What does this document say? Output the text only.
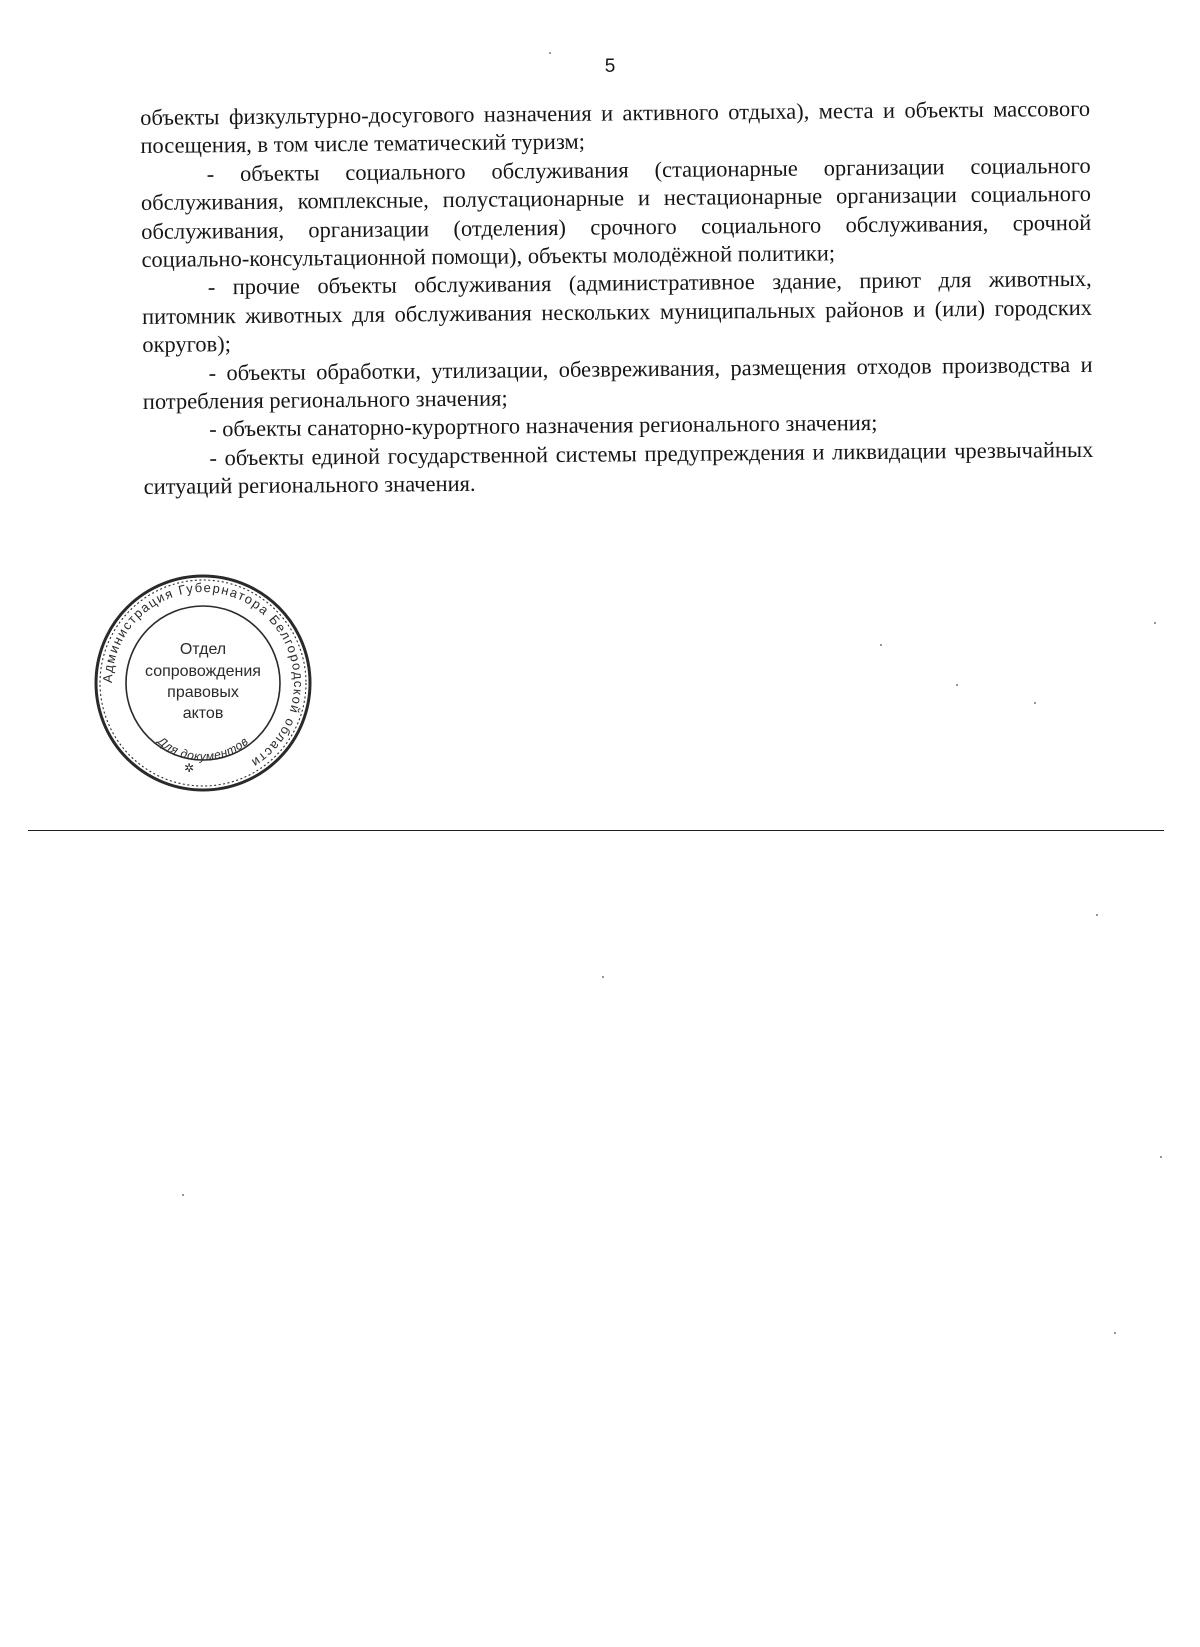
5

объекты физкультурно-досугового назначения и активного отдыха), места и объекты массового посещения, в том числе тематический туризм;

- объекты социального обслуживания (стационарные организации социального обслуживания, комплексные, полустационарные и нестационарные организации социального обслуживания, организации (отделения) срочного социального обслуживания, срочной социально-консультационной помощи), объекты молодёжной политики;

- прочие объекты обслуживания (административное здание, приют для животных, питомник животных для обслуживания нескольких муниципальных районов и (или) городских округов);

- объекты обработки, утилизации, обезвреживания, размещения отходов производства и потребления регионального значения;

- объекты санаторно-курортного назначения регионального значения;

- объекты единой государственной системы предупреждения и ликвидации чрезвычайных ситуаций регионального значения.

Администрация Губернатора Белгородской области
Для документов
Отдел
сопровождения
правовых
актов
✲
